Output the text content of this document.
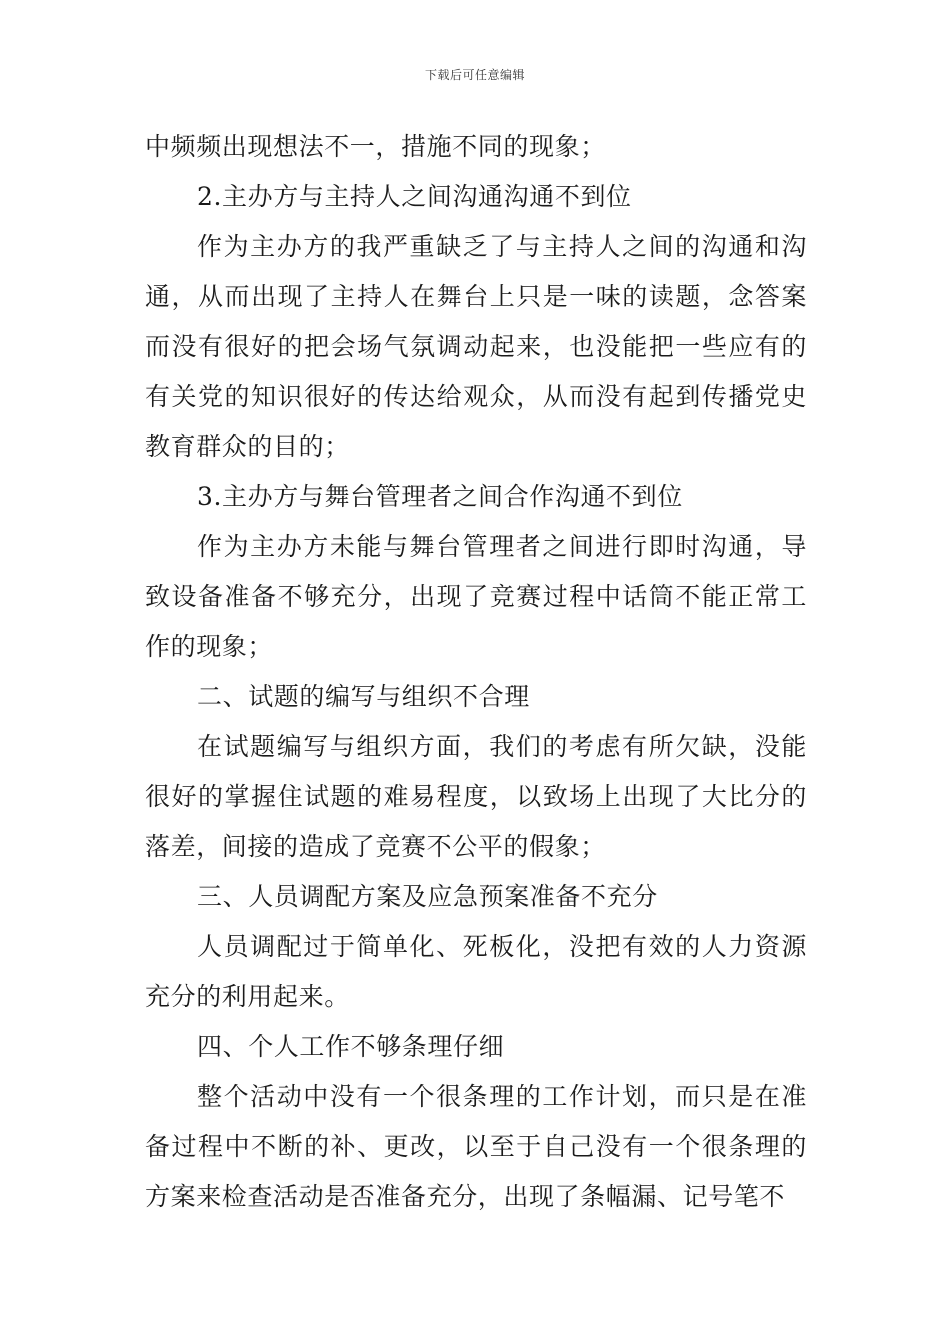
下载后可任意编辑

中频频出现想法不一，措施不同的现象；

2.主办方与主持人之间沟通沟通不到位

作为主办方的我严重缺乏了与主持人之间的沟通和沟通，从而出现了主持人在舞台上只是一味的读题，念答案而没有很好的把会场气氛调动起来，也没能把一些应有的有关党的知识很好的传达给观众，从而没有起到传播党史教育群众的目的；

3.主办方与舞台管理者之间合作沟通不到位

作为主办方未能与舞台管理者之间进行即时沟通，导致设备准备不够充分，出现了竞赛过程中话筒不能正常工作的现象；

二、试题的编写与组织不合理

在试题编写与组织方面，我们的考虑有所欠缺，没能很好的掌握住试题的难易程度，以致场上出现了大比分的落差，间接的造成了竞赛不公平的假象；

三、人员调配方案及应急预案准备不充分

人员调配过于简单化、死板化，没把有效的人力资源充分的利用起来。

四、个人工作不够条理仔细

整个活动中没有一个很条理的工作计划，而只是在准备过程中不断的补、更改，以至于自己没有一个很条理的方案来检查活动是否准备充分，出现了条幅漏、记号笔不
